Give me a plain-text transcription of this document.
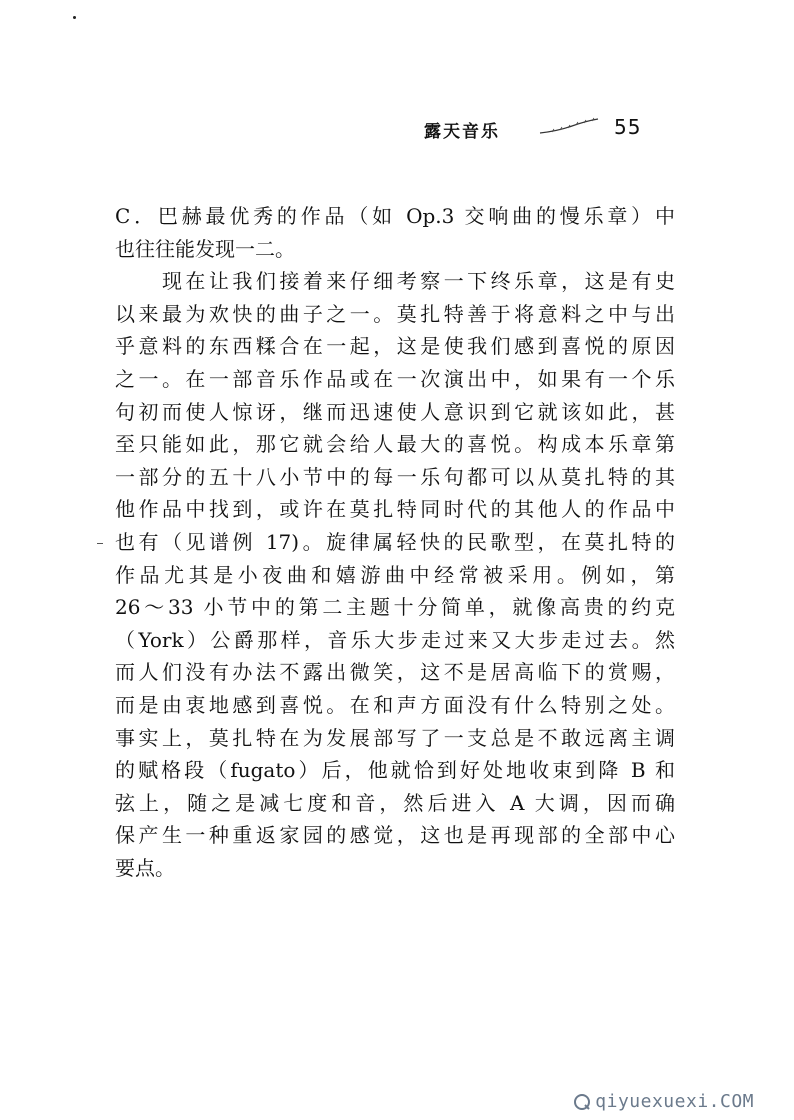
露天音乐	55
C．巴赫最优秀的作品（如 Op.3 交响曲的慢乐章）中
也往往能发现一二。
　　现在让我们接着来仔细考察一下终乐章，这是有史
以来最为欢快的曲子之一。莫扎特善于将意料之中与出
乎意料的东西糅合在一起，这是使我们感到喜悦的原因
之一。在一部音乐作品或在一次演出中，如果有一个乐
句初而使人惊讶，继而迅速使人意识到它就该如此，甚
至只能如此，那它就会给人最大的喜悦。构成本乐章第
一部分的五十八小节中的每一乐句都可以从莫扎特的其
他作品中找到，或许在莫扎特同时代的其他人的作品中
也有（见谱例 17)。旋律属轻快的民歌型，在莫扎特的
作品尤其是小夜曲和嬉游曲中经常被采用。例如，第
26～33 小节中的第二主题十分简单，就像高贵的约克
（York）公爵那样，音乐大步走过来又大步走过去。然
而人们没有办法不露出微笑，这不是居高临下的赏赐，
而是由衷地感到喜悦。在和声方面没有什么特别之处。
事实上，莫扎特在为发展部写了一支总是不敢远离主调
的赋格段（fugato）后，他就恰到好处地收束到降 B 和
弦上，随之是减七度和音，然后进入 A 大调，因而确
保产生一种重返家园的感觉，这也是再现部的全部中心
要点。
qiyuexuexi.COM
